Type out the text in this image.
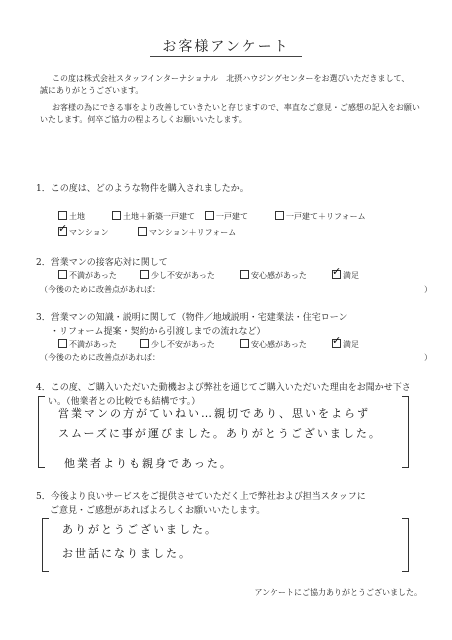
お客様アンケート
この度は株式会社スタッフインターナショナル　北摂ハウジングセンターをお選びいただきまして、
誠にありがとうございます。
お客様の為にできる事をより改善していきたいと存じますので、率直なご意見・ご感想の記入をお願い
いたします。何卒ご協力の程よろしくお願いいたします。
1．この度は、どのような物件を購入されましたか。
土地	土地＋新築一戸建て	一戸建て	一戸建て＋リフォーム
✓マンション	マンション＋リフォーム
2．営業マンの接客応対に関して
不満があった	少し不安があった	安心感があった ✓	満足
（今後のために改善点があれば：	）
3．営業マンの知識・説明に関して（物件／地域説明・宅建業法・住宅ローン
・リフォーム提案・契約から引渡しまでの流れなど）
不満があった	少し不安があった	安心感があった ✓	満足
（今後のために改善点があれば：	）
4．この度、ご購入いただいた動機および弊社を通じてご購入いただいた理由をお聞かせ下さ
い。（他業者との比較でも結構です。）
営業マンの方がていねい…親切であり、思いをよらず
スムーズに事が運びました。ありがとうございました。
他業者よりも親身であった。
5．今後より良いサービスをご提供させていただく上で弊社および担当スタッフに
ご意見・ご感想があればよろしくお願いいたします。
ありがとうございました。
お世話になりました。
アンケートにご協力ありがとうございました。
